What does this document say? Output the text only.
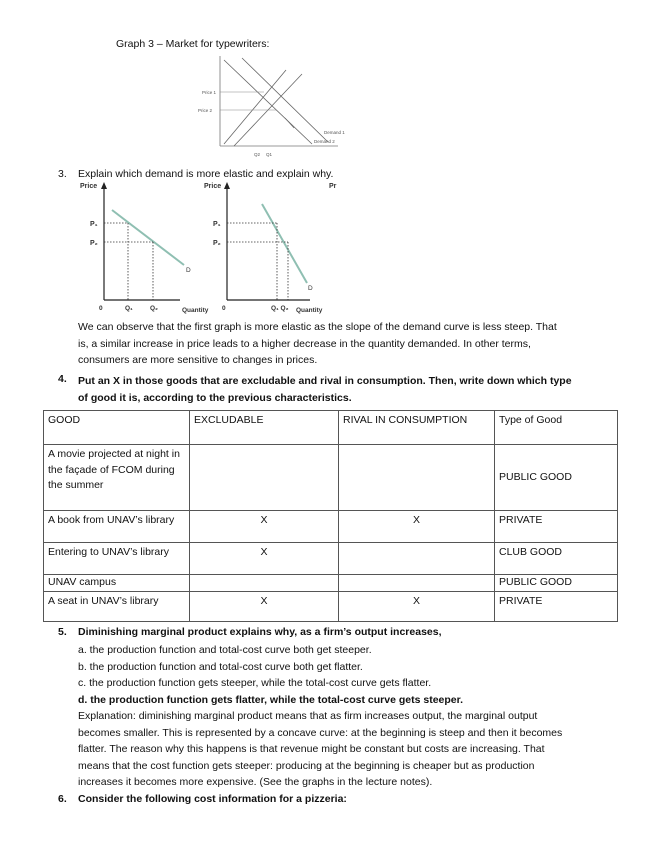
Graph 3 – Market for typewriters:
Price 1
Price 2
Q2 Q1
Demand 1
Demand 2
3. Explain which demand is more elastic and explain why.
Price
P₁
P₂
D
0	Q₁	Q₂	Quantity
Price
P₁
P₂
D
0	Q₁ Q₂ Quantity
Pr
We can observe that the first graph is more elastic as the slope of the demand curve is less steep. That
is, a similar increase in price leads to a higher decrease in the quantity demanded. In other terms,
consumers are more sensitive to changes in prices.
4. Put an X in those goods that are excludable and rival in consumption. Then, write down which type
of good it is, according to the previous characteristics.
GOOD	EXCLUDABLE	RIVAL IN CONSUMPTION	Type of Good
A movie projected at night in the façade of FCOM during the summer			PUBLIC GOOD
A book from UNAV’s library	X	X	PRIVATE
Entering to UNAV’s library	X		CLUB GOOD
UNAV campus			PUBLIC GOOD
A seat in UNAV’s library	X	X	PRIVATE
5. Diminishing marginal product explains why, as a firm’s output increases,
a. the production function and total-cost curve both get steeper.
b. the production function and total-cost curve both get flatter.
c. the production function gets steeper, while the total-cost curve gets flatter.
d. the production function gets flatter, while the total-cost curve gets steeper.
Explanation: diminishing marginal product means that as firm increases output, the marginal output
becomes smaller. This is represented by a concave curve: at the beginning is steep and then it becomes
flatter. The reason why this happens is that revenue might be constant but costs are increasing. That
means that the cost function gets steeper: producing at the beginning is cheaper but as production
increases it becomes more expensive. (See the graphs in the lecture notes).
6. Consider the following cost information for a pizzeria:
